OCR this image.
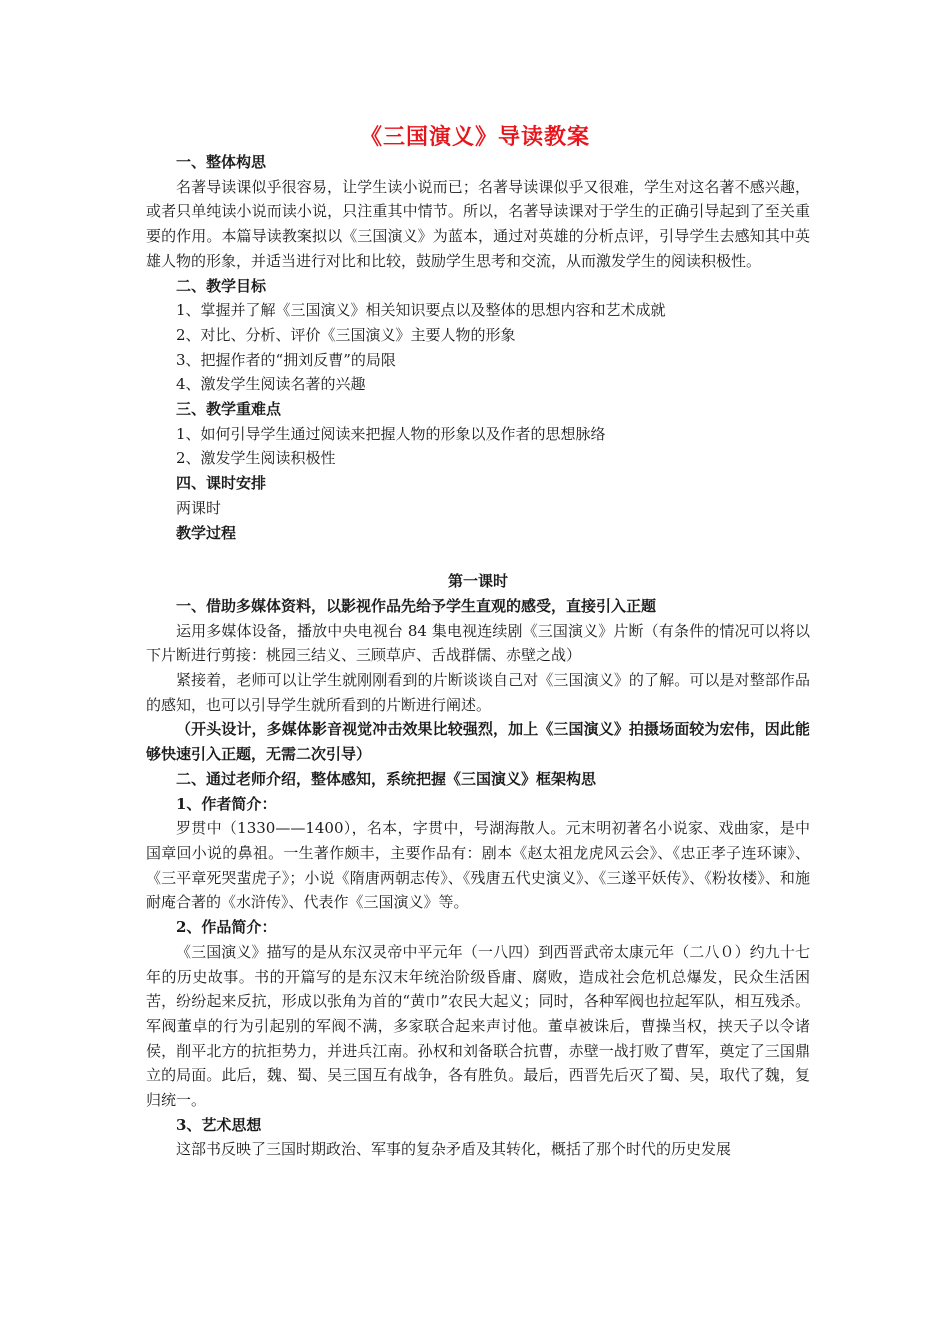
《三国演义》导读教案

一、整体构思

名著导读课似乎很容易，让学生读小说而已；名著导读课似乎又很难，学生对这名著不感兴趣，或者只单纯读小说而读小说，只注重其中情节。所以，名著导读课对于学生的正确引导起到了至关重要的作用。本篇导读教案拟以《三国演义》为蓝本，通过对英雄的分析点评，引导学生去感知其中英雄人物的形象，并适当进行对比和比较，鼓励学生思考和交流，从而激发学生的阅读积极性。

二、教学目标

1、掌握并了解《三国演义》相关知识要点以及整体的思想内容和艺术成就

2、对比、分析、评价《三国演义》主要人物的形象

3、把握作者的“拥刘反曹”的局限

4、激发学生阅读名著的兴趣

三、教学重难点

1、如何引导学生通过阅读来把握人物的形象以及作者的思想脉络

2、激发学生阅读积极性

四、课时安排

两课时

教学过程

第一课时

一、借助多媒体资料，以影视作品先给予学生直观的感受，直接引入正题

运用多媒体设备，播放中央电视台 84 集电视连续剧《三国演义》片断（有条件的情况可以将以下片断进行剪接：桃园三结义、三顾草庐、舌战群儒、赤壁之战）

紧接着，老师可以让学生就刚刚看到的片断谈谈自己对《三国演义》的了解。可以是对整部作品的感知，也可以引导学生就所看到的片断进行阐述。

（开头设计，多媒体影音视觉冲击效果比较强烈，加上《三国演义》拍摄场面较为宏伟，因此能够快速引入正题，无需二次引导）

二、通过老师介绍，整体感知，系统把握《三国演义》框架构思

1、作者简介：

罗贯中（1330——1400），名本，字贯中，号湖海散人。元末明初著名小说家、戏曲家，是中国章回小说的鼻祖。一生著作颇丰，主要作品有：剧本《赵太祖龙虎风云会》、《忠正孝子连环谏》、《三平章死哭蜚虎子》；小说《隋唐两朝志传》、《残唐五代史演义》、《三遂平妖传》、《粉妆楼》、和施耐庵合著的《水浒传》、代表作《三国演义》等。

2、作品简介：

《三国演义》描写的是从东汉灵帝中平元年（一八四）到西晋武帝太康元年（二八０）约九十七年的历史故事。书的开篇写的是东汉末年统治阶级昏庸、腐败，造成社会危机总爆发，民众生活困苦，纷纷起来反抗，形成以张角为首的“黄巾”农民大起义；同时，各种军阀也拉起军队，相互残杀。军阀董卓的行为引起别的军阀不满，多家联合起来声讨他。董卓被诛后，曹操当权，挟天子以令诸侯，削平北方的抗拒势力，并进兵江南。孙权和刘备联合抗曹，赤壁一战打败了曹军，奠定了三国鼎立的局面。此后，魏、蜀、吴三国互有战争，各有胜负。最后，西晋先后灭了蜀、吴，取代了魏，复归统一。

3、艺术思想

这部书反映了三国时期政治、军事的复杂矛盾及其转化，概括了那个时代的历史发展
